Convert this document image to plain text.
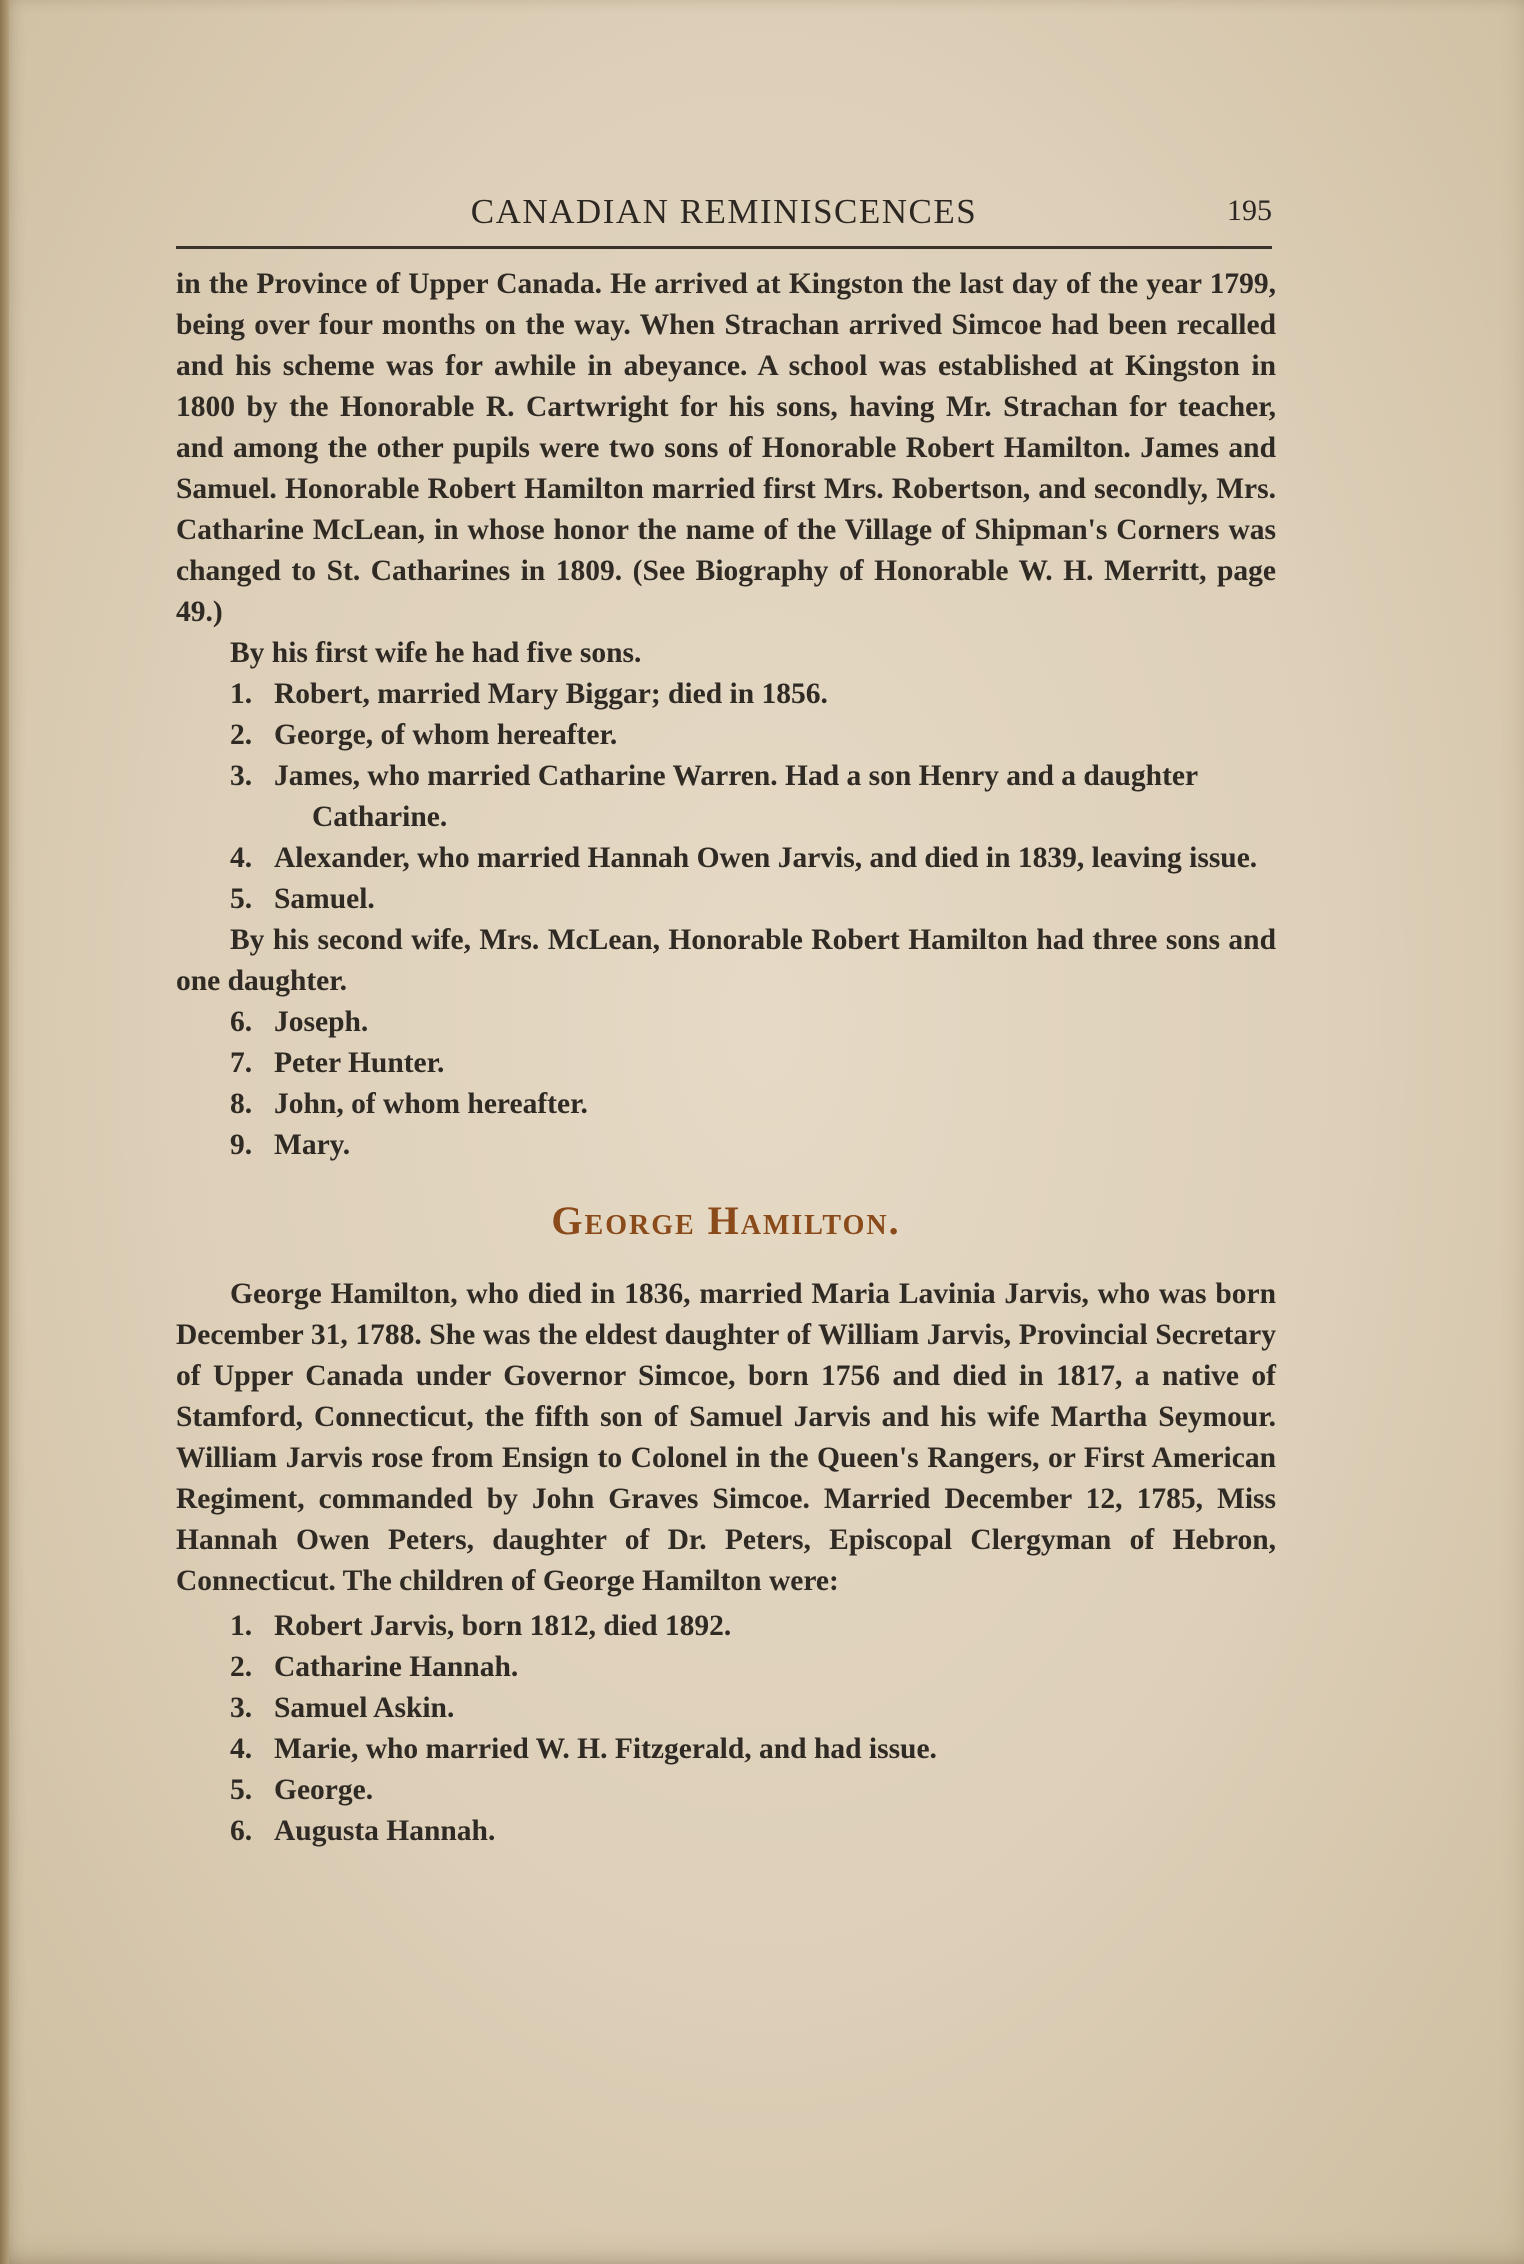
CANADIAN REMINISCENCES	195

in the Province of Upper Canada. He arrived at Kingston the last day of the year 1799, being over four months on the way. When Strachan arrived Simcoe had been recalled and his scheme was for awhile in abeyance. A school was established at Kingston in 1800 by the Honorable R. Cartwright for his sons, having Mr. Strachan for teacher, and among the other pupils were two sons of Honorable Robert Hamilton. James and Samuel. Honorable Robert Hamilton married first Mrs. Robertson, and secondly, Mrs. Catharine McLean, in whose honor the name of the Village of Shipman's Corners was changed to St. Catharines in 1809. (See Biography of Honorable W. H. Merritt, page 49.)

By his first wife he had five sons.

1. Robert, married Mary Biggar; died in 1856.
2. George, of whom hereafter.
3. James, who married Catharine Warren. Had a son Henry and a daughter Catharine.
4. Alexander, who married Hannah Owen Jarvis, and died in 1839, leaving issue.
5. Samuel.

By his second wife, Mrs. McLean, Honorable Robert Hamilton had three sons and one daughter.

6. Joseph.
7. Peter Hunter.
8. John, of whom hereafter.
9. Mary.
George Hamilton.

George Hamilton, who died in 1836, married Maria Lavinia Jarvis, who was born December 31, 1788. She was the eldest daughter of William Jarvis, Provincial Secretary of Upper Canada under Governor Simcoe, born 1756 and died in 1817, a native of Stamford, Connecticut, the fifth son of Samuel Jarvis and his wife Martha Seymour. William Jarvis rose from Ensign to Colonel in the Queen's Rangers, or First American Regiment, commanded by John Graves Simcoe. Married December 12, 1785, Miss Hannah Owen Peters, daughter of Dr. Peters, Episcopal Clergyman of Hebron, Connecticut. The children of George Hamilton were:

1. Robert Jarvis, born 1812, died 1892.
2. Catharine Hannah.
3. Samuel Askin.
4. Marie, who married W. H. Fitzgerald, and had issue.
5. George.
6. Augusta Hannah.
